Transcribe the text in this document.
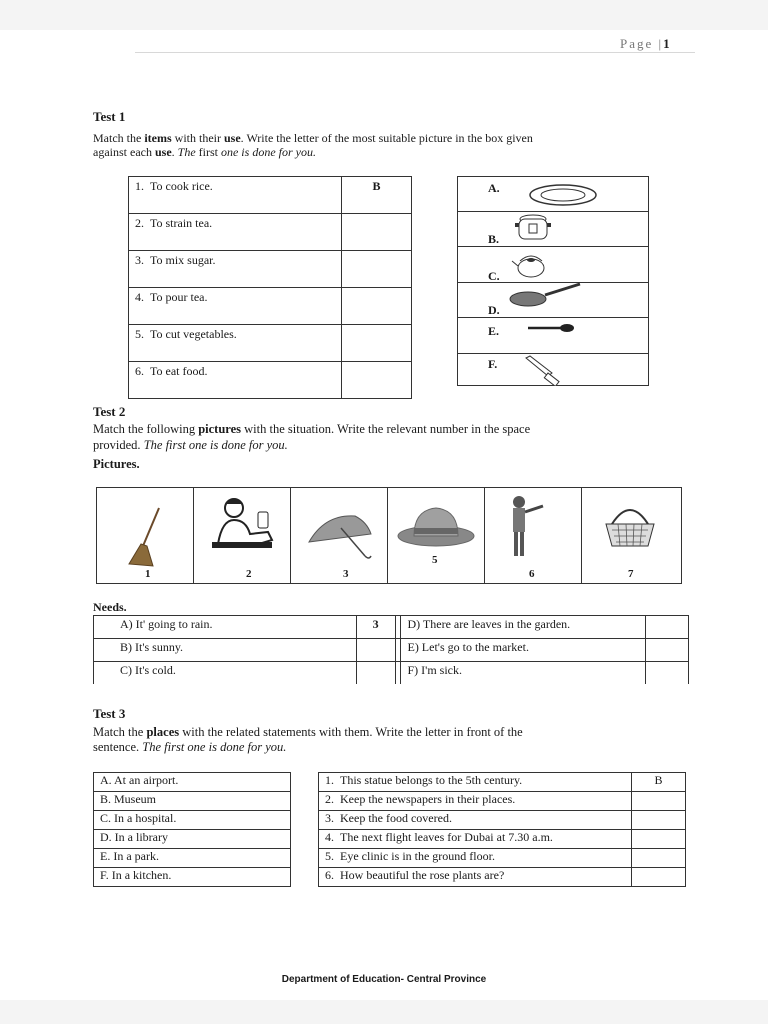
Page |1
Test 1
Match the items with their use. Write the letter of the most suitable picture in the box given
against each use. The first one is done for you.
1. To cook rice.	B
2. To strain tea.	
3. To mix sugar.	
4. To pour tea.	
5. To cut vegetables.	
6. To eat food.	
A.
B.
C.
D.
E.
F.
Test 2
Match the following pictures with the situation. Write the relevant number in the space
provided. The first one is done for you.
Pictures.
1	2	3
5
6	7
Needs.
A) It' going to rain.	3		D) There are leaves in the garden.	
B) It's sunny.			E) Let's go to the market.	
C) It's cold.			F) I'm sick.	
Test 3
Match the places with the related statements with them. Write the letter in front of the
sentence. The first one is done for you.
A. At an airport.
B. Museum
C. In a hospital.
D. In a library
E. In a park.
F. In a kitchen.
1. This statue belongs to the 5th century.	B
2. Keep the newspapers in their places.	
3. Keep the food covered.	
4. The next flight leaves for Dubai at 7.30 a.m.	
5. Eye clinic is in the ground floor.	
6. How beautiful the rose plants are?	
Department of Education- Central Province
